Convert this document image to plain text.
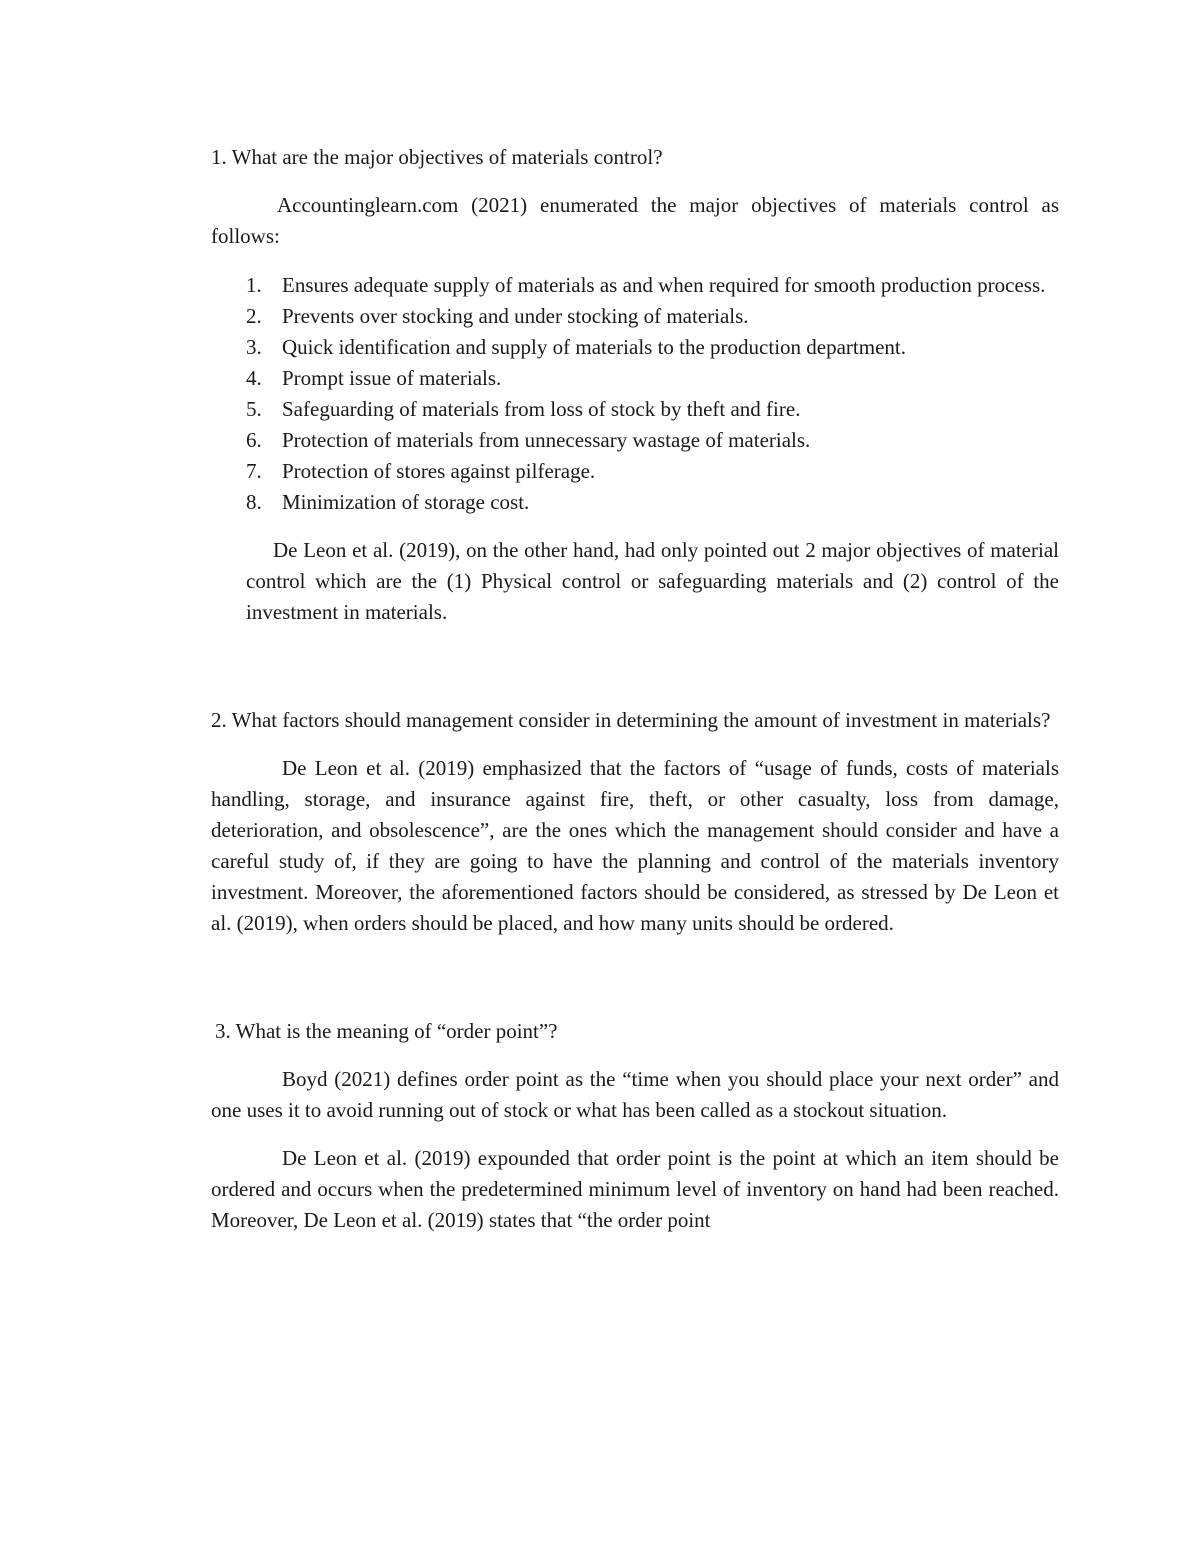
1. What are the major objectives of materials control?

Accountinglearn.com (2021) enumerated the major objectives of materials control as follows:

1. Ensures adequate supply of materials as and when required for smooth production process.
2. Prevents over stocking and under stocking of materials.
3. Quick identification and supply of materials to the production department.
4. Prompt issue of materials.
5. Safeguarding of materials from loss of stock by theft and fire.
6. Protection of materials from unnecessary wastage of materials.
7. Protection of stores against pilferage.
8. Minimization of storage cost.

De Leon et al. (2019), on the other hand, had only pointed out 2 major objectives of material control which are the (1) Physical control or safeguarding materials and (2) control of the investment in materials.

2. What factors should management consider in determining the amount of investment in materials?

De Leon et al. (2019) emphasized that the factors of “usage of funds, costs of materials handling, storage, and insurance against fire, theft, or other casualty, loss from damage, deterioration, and obsolescence”, are the ones which the management should consider and have a careful study of, if they are going to have the planning and control of the materials inventory investment. Moreover, the aforementioned factors should be considered, as stressed by De Leon et al. (2019), when orders should be placed, and how many units should be ordered.

3. What is the meaning of “order point”?

Boyd (2021) defines order point as the “time when you should place your next order” and one uses it to avoid running out of stock or what has been called as a stockout situation.

De Leon et al. (2019) expounded that order point is the point at which an item should be ordered and occurs when the predetermined minimum level of inventory on hand had been reached. Moreover, De Leon et al. (2019) states that “the order point
